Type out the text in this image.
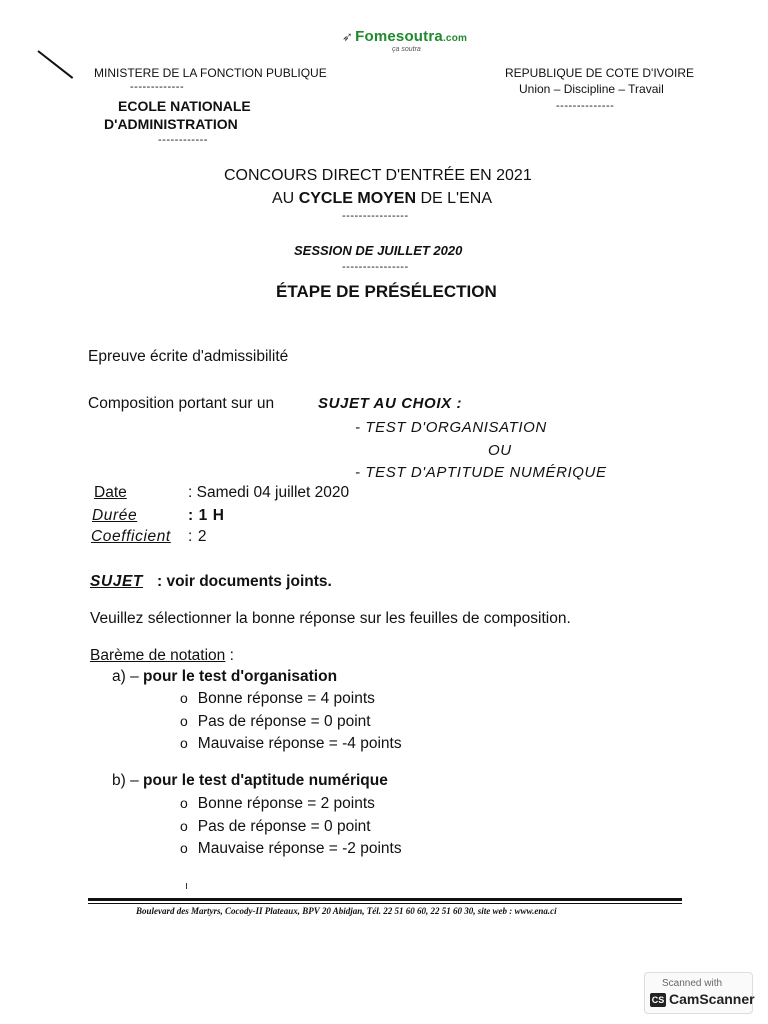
➶ Fomesoutra.com
ça soutra
MINISTERE DE LA FONCTION PUBLIQUE
-------------
ECOLE NATIONALE
D'ADMINISTRATION
------------
REPUBLIQUE DE COTE D'IVOIRE
Union – Discipline – Travail
--------------
CONCOURS DIRECT D'ENTRÉE EN 2021
AU CYCLE MOYEN DE L'ENA
----------------
SESSION DE JUILLET 2020
----------------
ÉTAPE DE PRÉSÉLECTION
Epreuve écrite d'admissibilité
Composition portant sur un	SUJET AU CHOIX :
- TEST D'ORGANISATION
OU
- TEST D'APTITUDE NUMÉRIQUE
Date	: Samedi 04 juillet 2020
Durée	: 1 H
Coefficient : 2
SUJET : voir documents joints.
Veuillez sélectionner la bonne réponse sur les feuilles de composition.
Barème de notation :
a) – pour le test d'organisation
o Bonne réponse = 4 points
o Pas de réponse = 0 point
o Mauvaise réponse = -4 points
b) – pour le test d'aptitude numérique
o Bonne réponse = 2 points
o Pas de réponse = 0 point
o Mauvaise réponse = -2 points
Boulevard des Martyrs, Cocody-II Plateaux, BPV 20 Abidjan, Tél. 22 51 60 60, 22 51 60 30, site web : www.ena.ci
Scanned with
CS CamScanner
